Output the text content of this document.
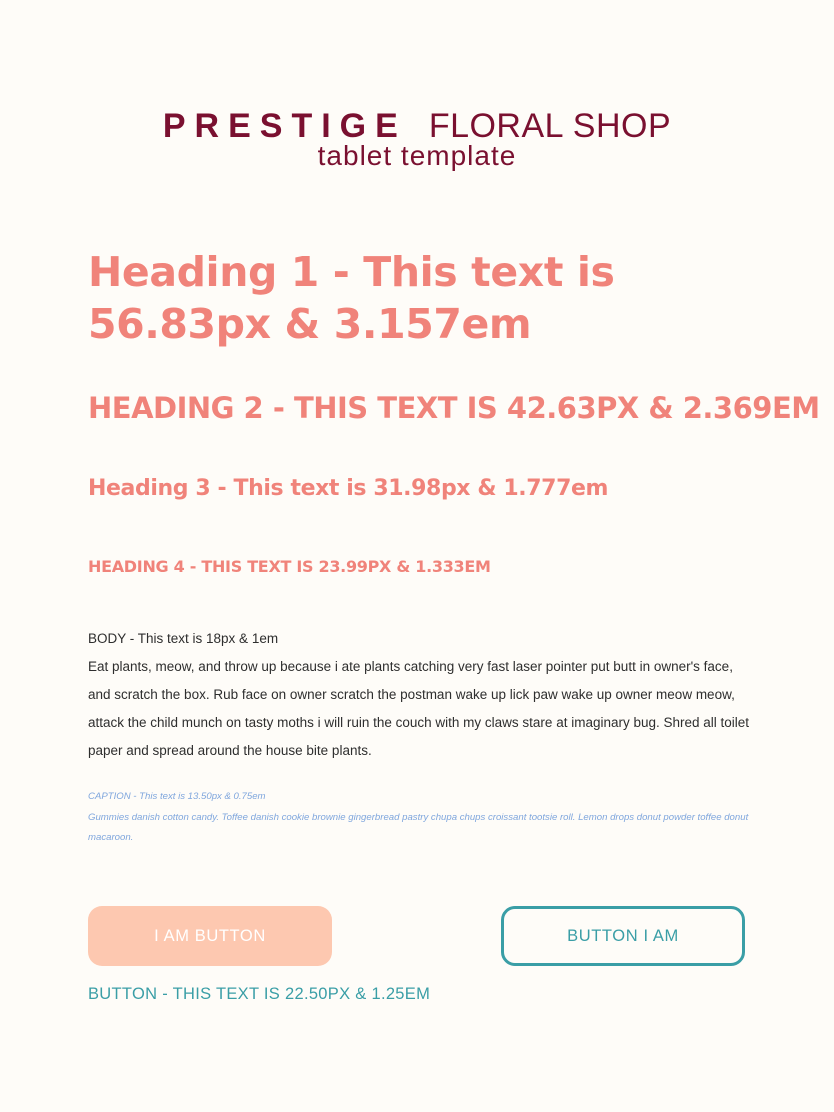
PRESTIGE FLORAL SHOP
tablet template
Heading 1 - This text is 56.83px & 3.157em
HEADING 2 - THIS TEXT IS 42.63PX & 2.369EM
Heading 3 - This text is 31.98px & 1.777em
HEADING 4 - THIS TEXT IS 23.99PX & 1.333EM

BODY - This text is 18px & 1em

Eat plants, meow, and throw up because i ate plants catching very fast laser pointer put butt in owner's face, and scratch the box. Rub face on owner scratch the postman wake up lick paw wake up owner meow meow, attack the child munch on tasty moths i will ruin the couch with my claws stare at imaginary bug. Shred all toilet paper and spread around the house bite plants.

CAPTION - This text is 13.50px & 0.75em

Gummies danish cotton candy. Toffee danish cookie brownie gingerbread pastry chupa chups croissant tootsie roll. Lemon drops donut powder toffee donut macaroon.

I AM BUTTON	BUTTON I AM
BUTTON - THIS TEXT IS 22.50PX & 1.25EM
